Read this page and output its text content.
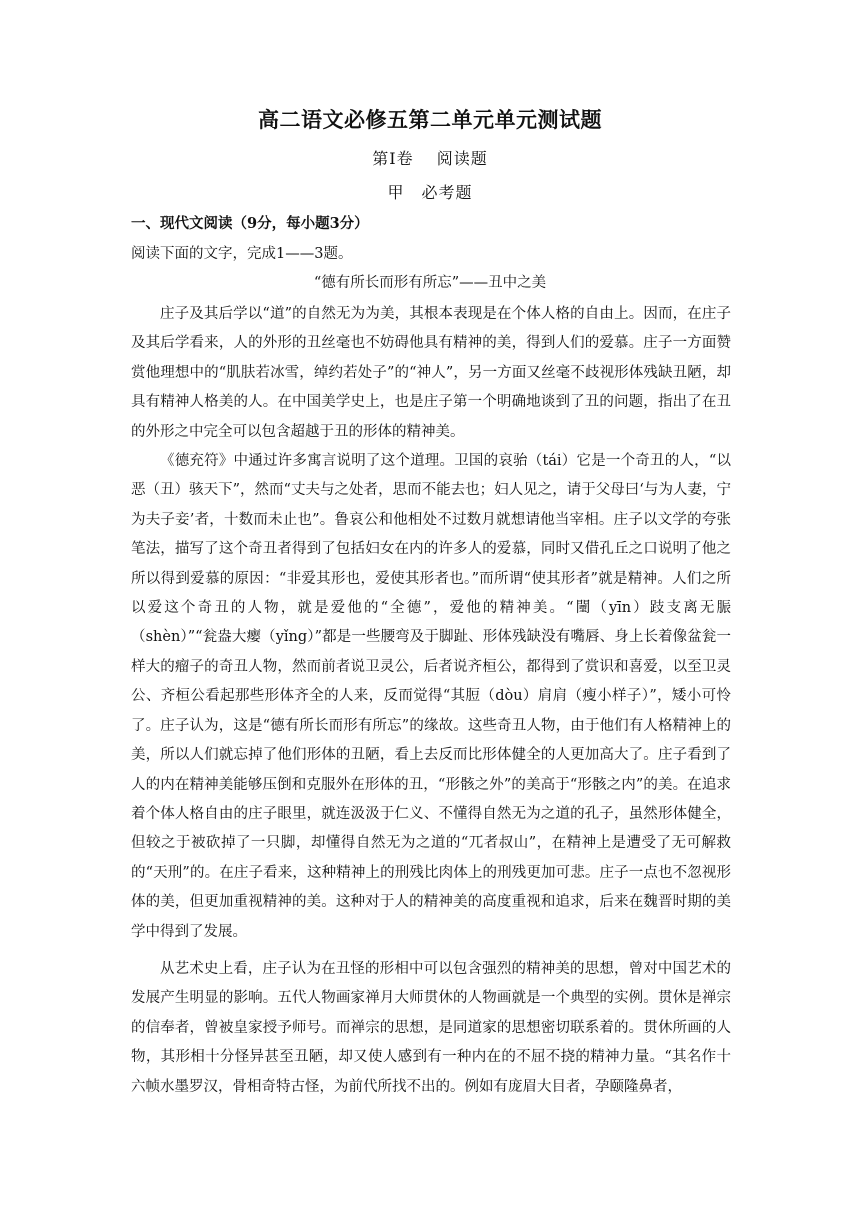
高二语文必修五第二单元单元测试题
第Ⅰ卷　 阅读题
甲　必考题
一、现代文阅读（9分，每小题3分）
阅读下面的文字，完成1——3题。
“德有所长而形有所忘”——丑中之美

庄子及其后学以“道”的自然无为为美，其根本表现是在个体人格的自由上。因而，在庄子及其后学看来，人的外形的丑丝毫也不妨碍他具有精神的美，得到人们的爱慕。庄子一方面赞赏他理想中的“肌肤若冰雪，绰约若处子”的“神人”，另一方面又丝毫不歧视形体残缺丑陋，却具有精神人格美的人。在中国美学史上，也是庄子第一个明确地谈到了丑的问题，指出了在丑的外形之中完全可以包含超越于丑的形体的精神美。

《德充符》中通过许多寓言说明了这个道理。卫国的哀骀（tái）它是一个奇丑的人，“以恶（丑）骇天下”，然而“丈夫与之处者，思而不能去也；妇人见之，请于父母曰‘与为人妻，宁为夫子妾’者，十数而未止也”。鲁哀公和他相处不过数月就想请他当宰相。庄子以文学的夸张笔法，描写了这个奇丑者得到了包括妇女在内的许多人的爱慕，同时又借孔丘之口说明了他之所以得到爱慕的原因：“非爱其形也，爱使其形者也。”而所谓“使其形者”就是精神。人们之所以爱这个奇丑的人物，就是爱他的“全德”，爱他的精神美。“闉（yīn）跂支离无脤（shèn）”“瓮盎大瘿（yǐng）”都是一些腰弯及于脚趾、形体残缺没有嘴唇、身上长着像盆瓮一样大的瘤子的奇丑人物，然而前者说卫灵公，后者说齐桓公，都得到了赏识和喜爱，以至卫灵公、齐桓公看起那些形体齐全的人来，反而觉得“其脰（dòu）肩肩（瘦小样子）”，矮小可怜了。庄子认为，这是“德有所长而形有所忘”的缘故。这些奇丑人物，由于他们有人格精神上的美，所以人们就忘掉了他们形体的丑陋，看上去反而比形体健全的人更加高大了。庄子看到了人的内在精神美能够压倒和克服外在形体的丑，“形骸之外”的美高于“形骸之内”的美。在追求着个体人格自由的庄子眼里，就连汲汲于仁义、不懂得自然无为之道的孔子，虽然形体健全，但较之于被砍掉了一只脚，却懂得自然无为之道的“兀者叔山”，在精神上是遭受了无可解救的“天刑”的。在庄子看来，这种精神上的刑残比肉体上的刑残更加可悲。庄子一点也不忽视形体的美，但更加重视精神的美。这种对于人的精神美的高度重视和追求，后来在魏晋时期的美学中得到了发展。

从艺术史上看，庄子认为在丑怪的形相中可以包含强烈的精神美的思想，曾对中国艺术的发展产生明显的影响。五代人物画家禅月大师贯休的人物画就是一个典型的实例。贯休是禅宗的信奉者，曾被皇家授予师号。而禅宗的思想，是同道家的思想密切联系着的。贯休所画的人物，其形相十分怪异甚至丑陋，却又使人感到有一种内在的不屈不挠的精神力量。“其名作十六帧水墨罗汉，骨相奇特古怪，为前代所找不出的。例如有庞眉大目者，孕颐隆鼻者，
